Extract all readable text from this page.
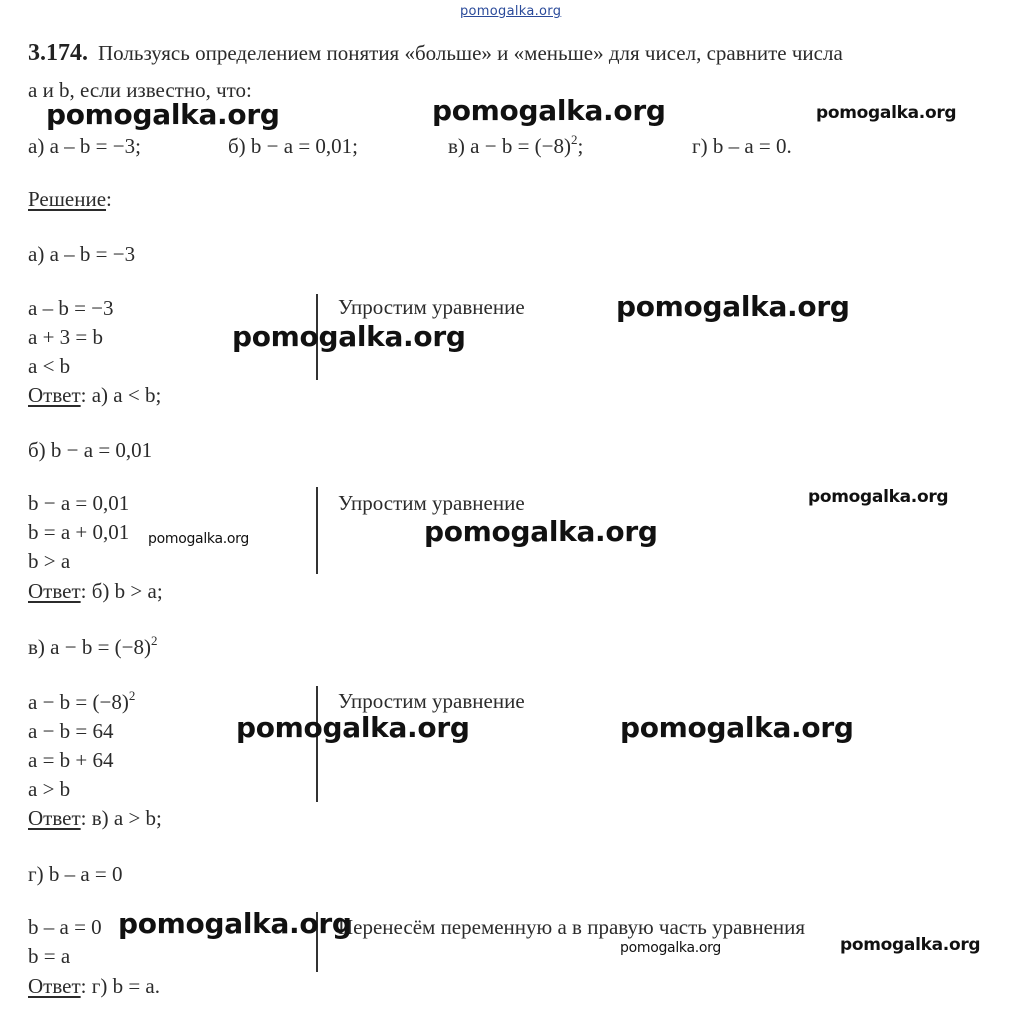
pomogalka.org
3.174. Пользуясь определением понятия «больше» и «меньше» для чисел, сравните числа
a и b, если известно, что:
а) a – b = −3;	б) b − a = 0,01;	в) $a - b = (-8)^2$;	г) b – a = 0.
Решение:
а) a – b = −3
a – b = −3
a + 3 = b
a < b
Ответ: а) a < b;
Упростим уравнение
б) b − a = 0,01
b − a = 0,01
b = a + 0,01
b > a
Ответ: б) b > a;
Упростим уравнение
в) $a - b = (-8)^2$
$a - b = (-8)^2$
a − b = 64
a = b + 64
a > b
Ответ: в) a > b;
Упростим уравнение
г) b – a = 0
b – a = 0
b = a
Ответ: г) b = a.
Перенесём переменную a в правую часть уравнения
pomogalka.org	pomogalka.org	pomogalka.org
pomogalka.org
pomogalka.org
pomogalka.org
pomogalka.org
pomogalka.org
pomogalka.org	pomogalka.org
pomogalka.org
pomogalka.org	pomogalka.org
